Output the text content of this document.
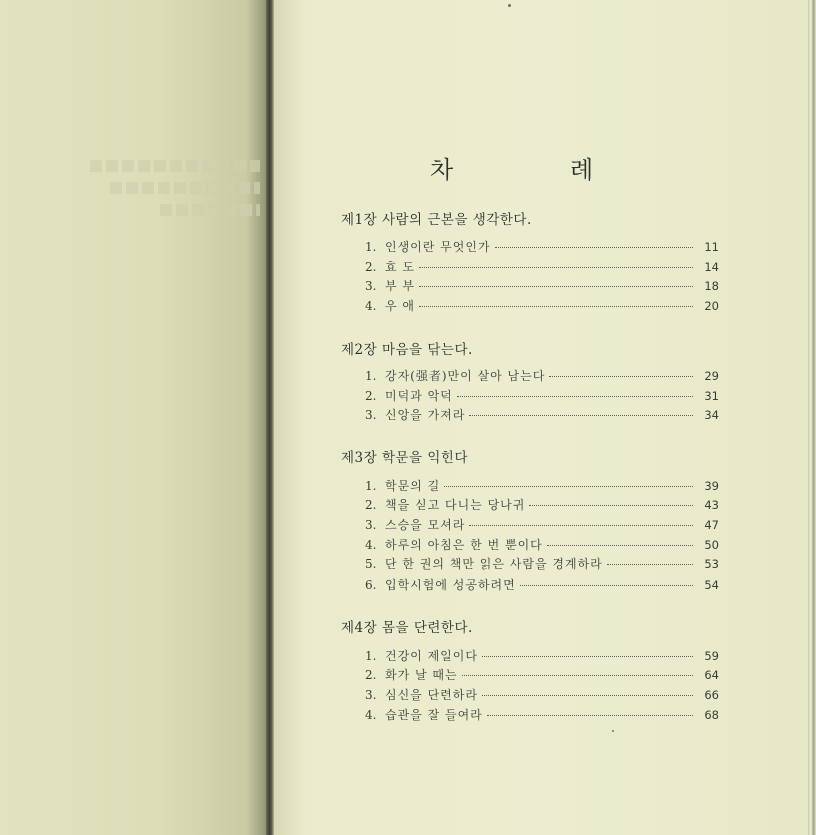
차	례
제1장 사람의 근본을 생각한다.
1. 인생이란 무엇인가	11
2. 효 도	14
3. 부 부	18
4. 우 애	20
제2장 마음을 닦는다.
1. 강자(强者)만이 살아 남는다	29
2. 미덕과 악덕	31
3. 신앙을 가져라	34
제3장 학문을 익힌다
1. 학문의 길	39
2. 책을 싣고 다니는 당나귀	43
3. 스승을 모셔라	47
4. 하루의 아침은 한 번 뿐이다	50
5. 단 한 권의 책만 읽은 사람을 경계하라	53
6. 입학시험에 성공하려면	54
제4장 몸을 단련한다.
1. 건강이 제일이다	59
2. 화가 날 때는	64
3. 심신을 단련하라	66
4. 습관을 잘 들여라	68
